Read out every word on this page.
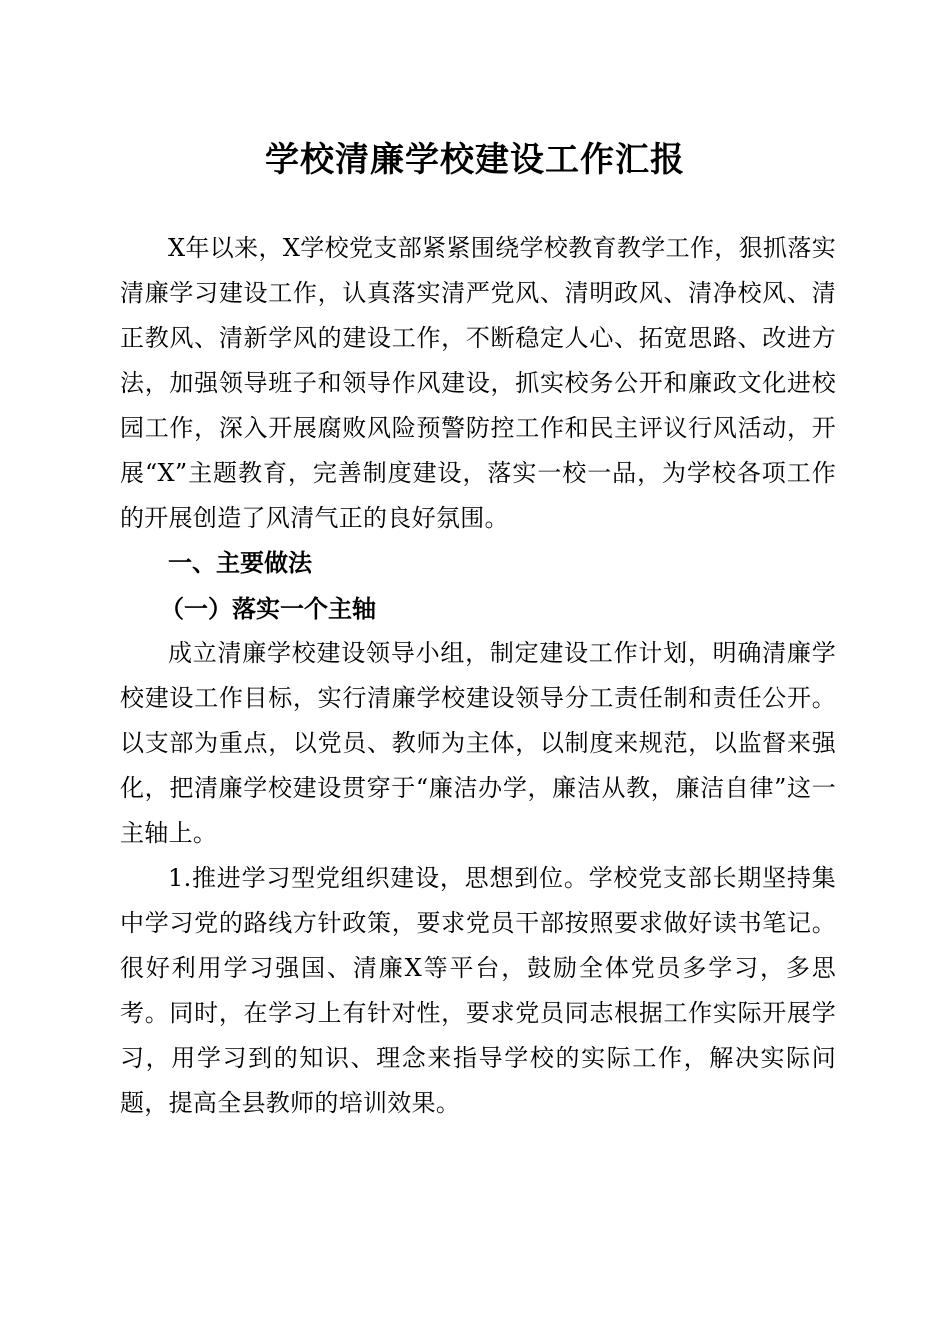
学校清廉学校建设工作汇报

X年以来，X学校党支部紧紧围绕学校教育教学工作，狠抓落实清廉学习建设工作，认真落实清严党风、清明政风、清净校风、清正教风、清新学风的建设工作，不断稳定人心、拓宽思路、改进方法，加强领导班子和领导作风建设，抓实校务公开和廉政文化进校园工作，深入开展腐败风险预警防控工作和民主评议行风活动，开展“X”主题教育，完善制度建设，落实一校一品，为学校各项工作的开展创造了风清气正的良好氛围。

一、主要做法

（一）落实一个主轴

成立清廉学校建设领导小组，制定建设工作计划，明确清廉学校建设工作目标，实行清廉学校建设领导分工责任制和责任公开。以支部为重点，以党员、教师为主体，以制度来规范，以监督来强化，把清廉学校建设贯穿于“廉洁办学，廉洁从教，廉洁自律”这一主轴上。

1.推进学习型党组织建设，思想到位。学校党支部长期坚持集中学习党的路线方针政策，要求党员干部按照要求做好读书笔记。很好利用学习强国、清廉X等平台，鼓励全体党员多学习，多思考。同时，在学习上有针对性，要求党员同志根据工作实际开展学习，用学习到的知识、理念来指导学校的实际工作，解决实际问题，提高全县教师的培训效果。
